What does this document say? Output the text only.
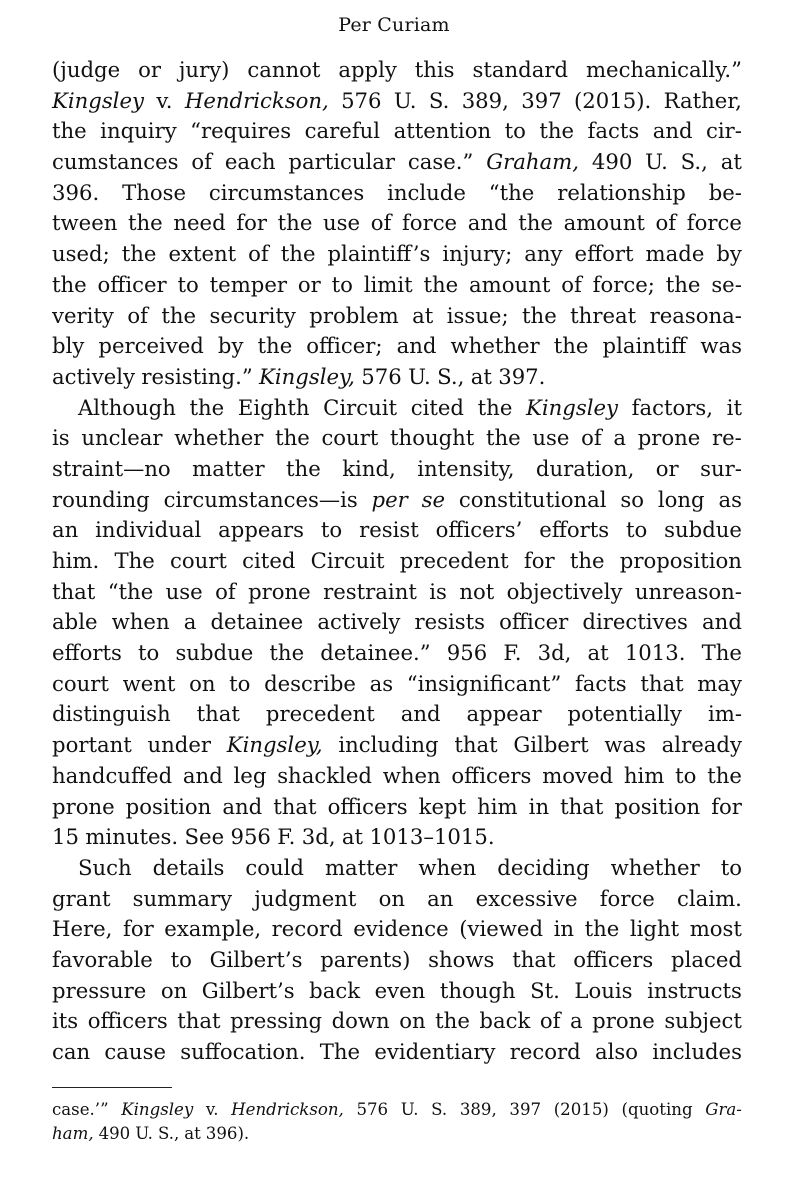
Per Curiam
(judge or jury) cannot apply this standard mechanically.”
Kingsley v. Hendrickson, 576 U. S. 389, 397 (2015). Rather,
the inquiry “requires careful attention to the facts and cir-
cumstances of each particular case.” Graham, 490 U. S., at
396. Those circumstances include “the relationship be-
tween the need for the use of force and the amount of force
used; the extent of the plaintiff’s injury; any effort made by
the officer to temper or to limit the amount of force; the se-
verity of the security problem at issue; the threat reasona-
bly perceived by the officer; and whether the plaintiff was
actively resisting.” Kingsley, 576 U. S., at 397.
Although the Eighth Circuit cited the Kingsley factors, it
is unclear whether the court thought the use of a prone re-
straint—no matter the kind, intensity, duration, or sur-
rounding circumstances—is per se constitutional so long as
an individual appears to resist officers’ efforts to subdue
him. The court cited Circuit precedent for the proposition
that “the use of prone restraint is not objectively unreason-
able when a detainee actively resists officer directives and
efforts to subdue the detainee.” 956 F. 3d, at 1013. The
court went on to describe as “insignificant” facts that may
distinguish that precedent and appear potentially im-
portant under Kingsley, including that Gilbert was already
handcuffed and leg shackled when officers moved him to the
prone position and that officers kept him in that position for
15 minutes. See 956 F. 3d, at 1013–1015.
Such details could matter when deciding whether to
grant summary judgment on an excessive force claim.
Here, for example, record evidence (viewed in the light most
favorable to Gilbert’s parents) shows that officers placed
pressure on Gilbert’s back even though St. Louis instructs
its officers that pressing down on the back of a prone subject
can cause suffocation. The evidentiary record also includes
case.’” Kingsley v. Hendrickson, 576 U. S. 389, 397 (2015) (quoting Gra-
ham, 490 U. S., at 396).
